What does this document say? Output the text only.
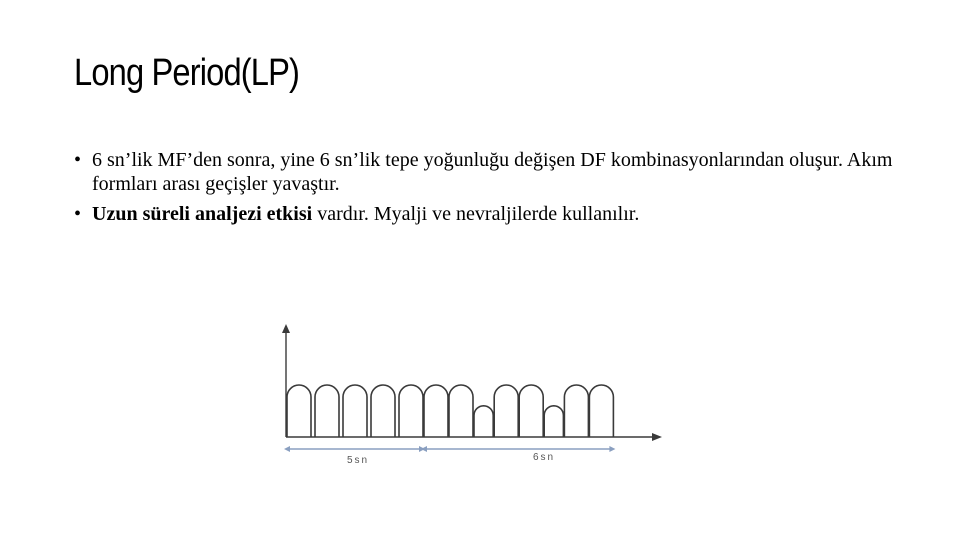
Long Period(LP)
• 6 sn’lik MF’den sonra, yine 6 sn’lik tepe yoğunluğu değişen DF kombinasyonlarından oluşur. Akım formları arası geçişler yavaştır.
• Uzun süreli analjezi etkisi vardır. Myalji ve nevraljilerde kullanılır.
5sn	6sn
